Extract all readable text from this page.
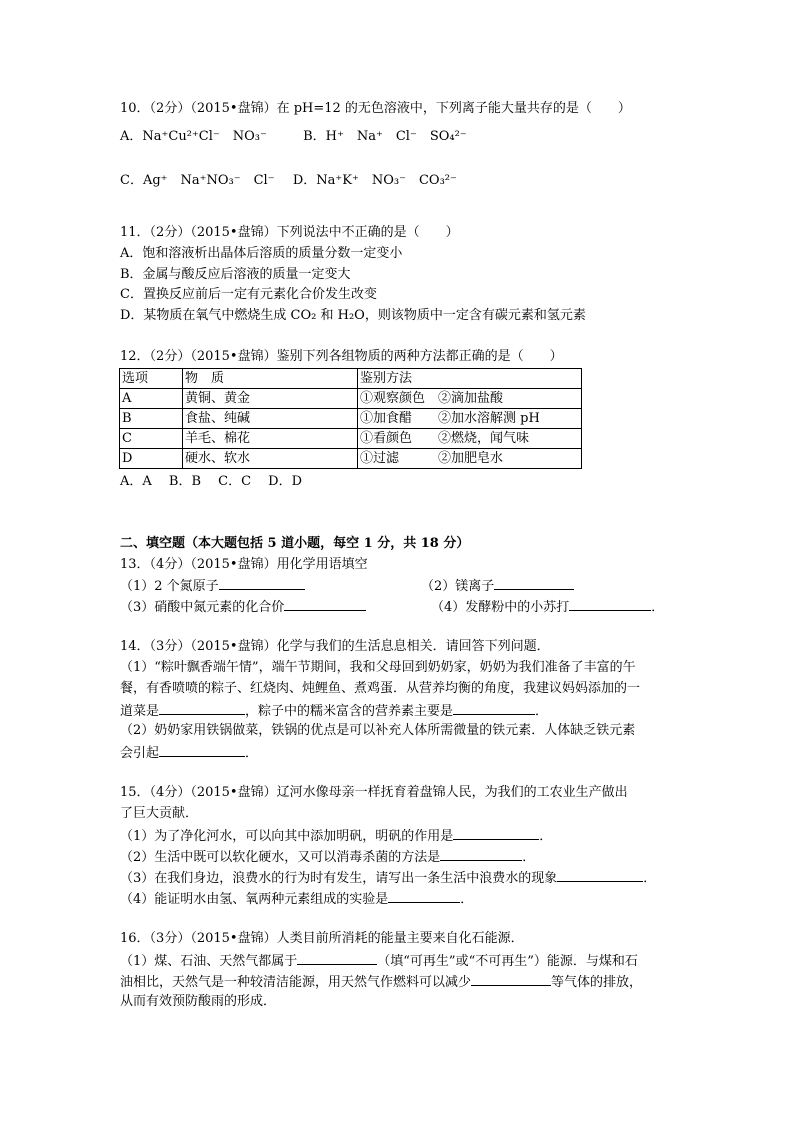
10．（2分）（2015•盘锦）在 pH=12 的无色溶液中，下列离子能大量共存的是（　　）
A．Na⁺Cu²⁺Cl⁻　NO₃⁻	B．H⁺　Na⁺　Cl⁻　SO₄²⁻
C．Ag⁺　Na⁺NO₃⁻　Cl⁻ D．Na⁺K⁺　NO₃⁻　CO₃²⁻
11．（2分）（2015•盘锦）下列说法中不正确的是（　　）
A．饱和溶液析出晶体后溶质的质量分数一定变小
B．金属与酸反应后溶液的质量一定变大
C．置换反应前后一定有元素化合价发生改变
D．某物质在氧气中燃烧生成 CO₂ 和 H₂O，则该物质中一定含有碳元素和氢元素
12．（2分）（2015•盘锦）鉴别下列各组物质的两种方法都正确的是（　　）
选项	物　质	鉴别方法
A	黄铜、黄金	①观察颜色　②滴加盐酸
B	食盐、纯碱	①加食醋　　②加水溶解测 pH
C	羊毛、棉花	①看颜色　　②燃烧，闻气味
D	硬水、软水	①过滤　　　②加肥皂水
A．A　 B．B　 C．C　 D．D
二、填空题（本大题包括 5 道小题，每空 1 分，共 18 分）
13．（4分）（2015•盘锦）用化学用语填空
（1）2 个氮原子	（2）镁离子
（3）硝酸中氮元素的化合价	（4）发酵粉中的小苏打	．
14．（3分）（2015•盘锦）化学与我们的生活息息相关．请回答下列问题．
（1）“粽叶飘香端午情”，端午节期间，我和父母回到奶奶家，奶奶为我们准备了丰富的午
餐，有香喷喷的粽子、红烧肉、炖鲤鱼、煮鸡蛋．从营养均衡的角度，我建议妈妈添加的一
道菜是	，粽子中的糯米富含的营养素主要是	．
（2）奶奶家用铁锅做菜，铁锅的优点是可以补充人体所需微量的铁元素．人体缺乏铁元素
会引起	．
15．（4分）（2015•盘锦）辽河水像母亲一样抚育着盘锦人民，为我们的工农业生产做出
了巨大贡献．
（1）为了净化河水，可以向其中添加明矾，明矾的作用是	．
（2）生活中既可以软化硬水，又可以消毒杀菌的方法是	．
（3）在我们身边，浪费水的行为时有发生，请写出一条生活中浪费水的现象	．
（4）能证明水由氢、氧两种元素组成的实验是	．
16．（3分）（2015•盘锦）人类目前所消耗的能量主要来自化石能源．
（1）煤、石油、天然气都属于	（填“可再生”或“不可再生”）能源．与煤和石
油相比，天然气是一种较清洁能源，用天然气作燃料可以减少	等气体的排放，
从而有效预防酸雨的形成．
